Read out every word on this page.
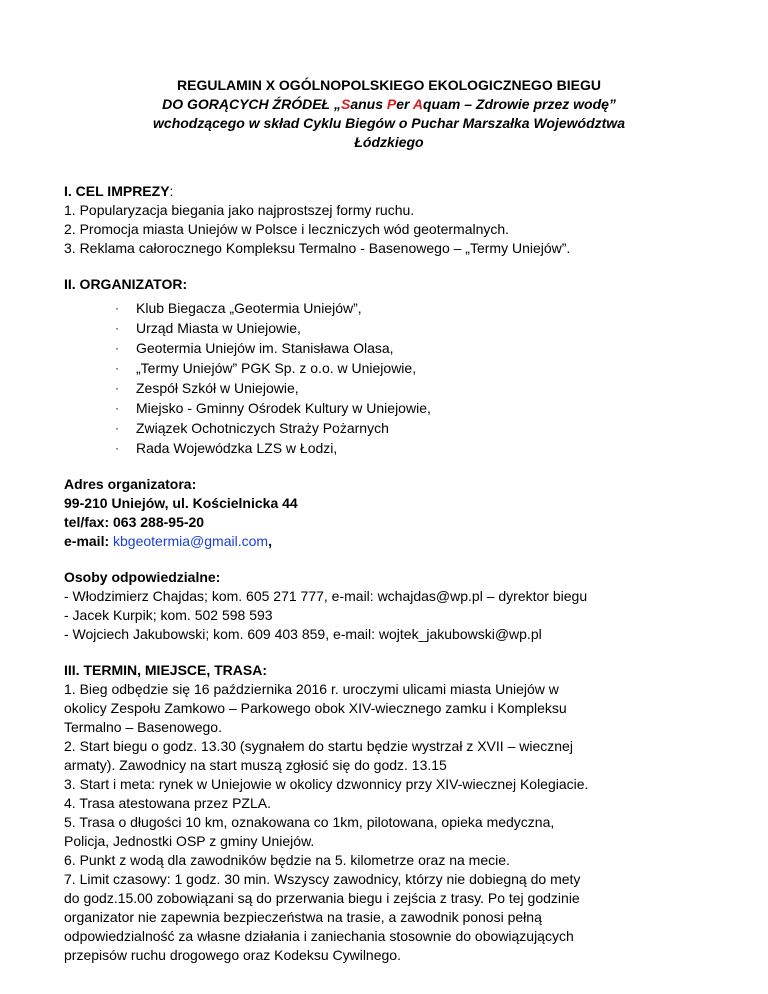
REGULAMIN X OGÓLNOPOLSKIEGO EKOLOGICZNEGO BIEGU
DO GORĄCYCH ŹRÓDEŁ „Sanus Per Aquam – Zdrowie przez wodę”
wchodzącego w skład Cyklu Biegów o Puchar Marszałka Województwa
Łódzkiego

I. CEL IMPREZY:

1. Popularyzacja biegania jako najprostszej formy ruchu.

2. Promocja miasta Uniejów w Polsce i leczniczych wód geotermalnych.

3. Reklama całorocznego Kompleksu Termalno - Basenowego – „Termy Uniejów”.

II. ORGANIZATOR:

· Klub Biegacza „Geotermia Uniejów”,
· Urząd Miasta w Uniejowie,
· Geotermia Uniejów im. Stanisława Olasa,
· „Termy Uniejów” PGK Sp. z o.o. w Uniejowie,
· Zespół Szkół w Uniejowie,
· Miejsko - Gminny Ośrodek Kultury w Uniejowie,
· Związek Ochotniczych Straży Pożarnych
· Rada Wojewódzka LZS w Łodzi,

Adres organizatora:

99-210 Uniejów, ul. Kościelnicka 44

tel/fax: 063 288-95-20

e-mail: kbgeotermia@gmail.com,

Osoby odpowiedzialne:

- Włodzimierz Chajdas; kom. 605 271 777, e-mail: wchajdas@wp.pl – dyrektor biegu

- Jacek Kurpik; kom. 502 598 593

- Wojciech Jakubowski; kom. 609 403 859, e-mail: wojtek_jakubowski@wp.pl

III. TERMIN, MIEJSCE, TRASA:

1. Bieg odbędzie się 16 października 2016 r. uroczymi ulicami miasta Uniejów w

okolicy Zespołu Zamkowo – Parkowego obok XIV-wiecznego zamku i Kompleksu

Termalno – Basenowego.

2. Start biegu o godz. 13.30 (sygnałem do startu będzie wystrzał z XVII – wiecznej

armaty). Zawodnicy na start muszą zgłosić się do godz. 13.15

3. Start i meta: rynek w Uniejowie w okolicy dzwonnicy przy XIV-wiecznej Kolegiacie.

4. Trasa atestowana przez PZLA.

5. Trasa o długości 10 km, oznakowana co 1km, pilotowana, opieka medyczna,

Policja, Jednostki OSP z gminy Uniejów.

6. Punkt z wodą dla zawodników będzie na 5. kilometrze oraz na mecie.

7. Limit czasowy: 1 godz. 30 min. Wszyscy zawodnicy, którzy nie dobiegną do mety

do godz.15.00 zobowiązani są do przerwania biegu i zejścia z trasy. Po tej godzinie

organizator nie zapewnia bezpieczeństwa na trasie, a zawodnik ponosi pełną

odpowiedzialność za własne działania i zaniechania stosownie do obowiązujących

przepisów ruchu drogowego oraz Kodeksu Cywilnego.
